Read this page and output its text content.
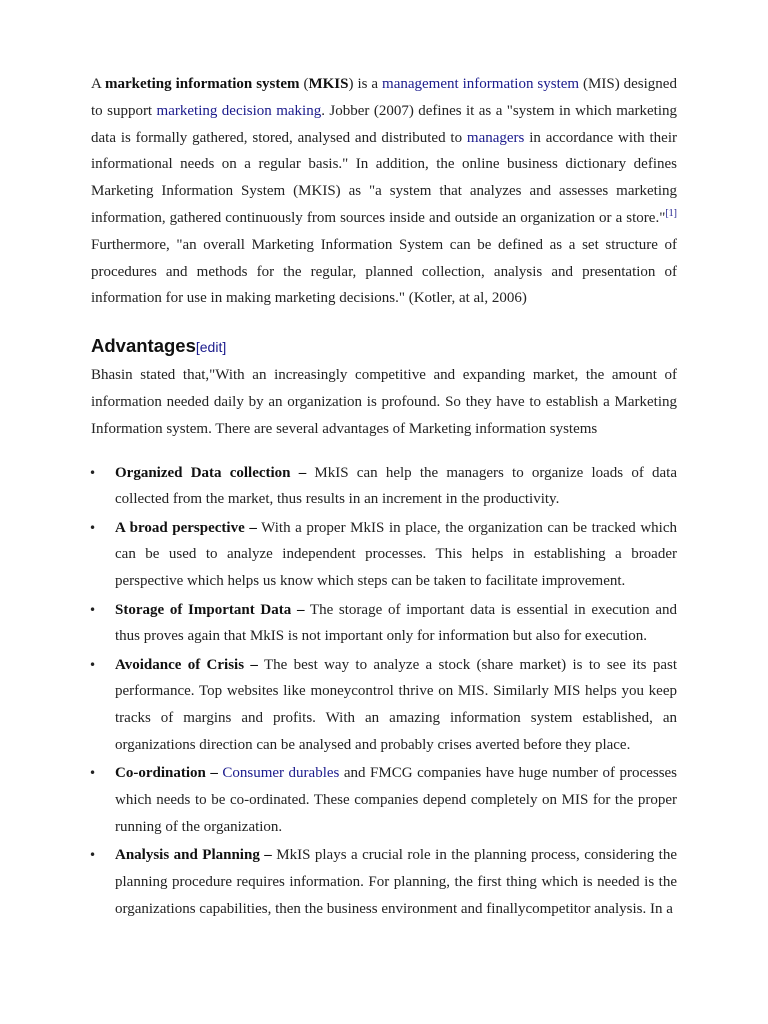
A marketing information system (MKIS) is a management information system (MIS) designed to support marketing decision making. Jobber (2007) defines it as a "system in which marketing data is formally gathered, stored, analysed and distributed to managers in accordance with their informational needs on a regular basis." In addition, the online business dictionary defines Marketing Information System (MKIS) as "a system that analyzes and assesses marketing information, gathered continuously from sources inside and outside an organization or a store."[1] Furthermore, "an overall Marketing Information System can be defined as a set structure of procedures and methods for the regular, planned collection, analysis and presentation of information for use in making marketing decisions." (Kotler, at al, 2006)

Advantages[edit]

Bhasin stated that,"With an increasingly competitive and expanding market, the amount of information needed daily by an organization is profound. So they have to establish a Marketing Information system. There are several advantages of Marketing information systems

• Organized Data collection – MkIS can help the managers to organize loads of data collected from the market, thus results in an increment in the productivity.
• A broad perspective – With a proper MkIS in place, the organization can be tracked which can be used to analyze independent processes. This helps in establishing a broader perspective which helps us know which steps can be taken to facilitate improvement.
• Storage of Important Data – The storage of important data is essential in execution and thus proves again that MkIS is not important only for information but also for execution.
• Avoidance of Crisis – The best way to analyze a stock (share market) is to see its past performance. Top websites like moneycontrol thrive on MIS. Similarly MIS helps you keep tracks of margins and profits. With an amazing information system established, an organizations direction can be analysed and probably crises averted before they place.
• Co-ordination – Consumer durables and FMCG companies have huge number of processes which needs to be co-ordinated. These companies depend completely on MIS for the proper running of the organization.
• Analysis and Planning – MkIS plays a crucial role in the planning process, considering the planning procedure requires information. For planning, the first thing which is needed is the organizations capabilities, then the business environment and finallycompetitor analysis. In a
